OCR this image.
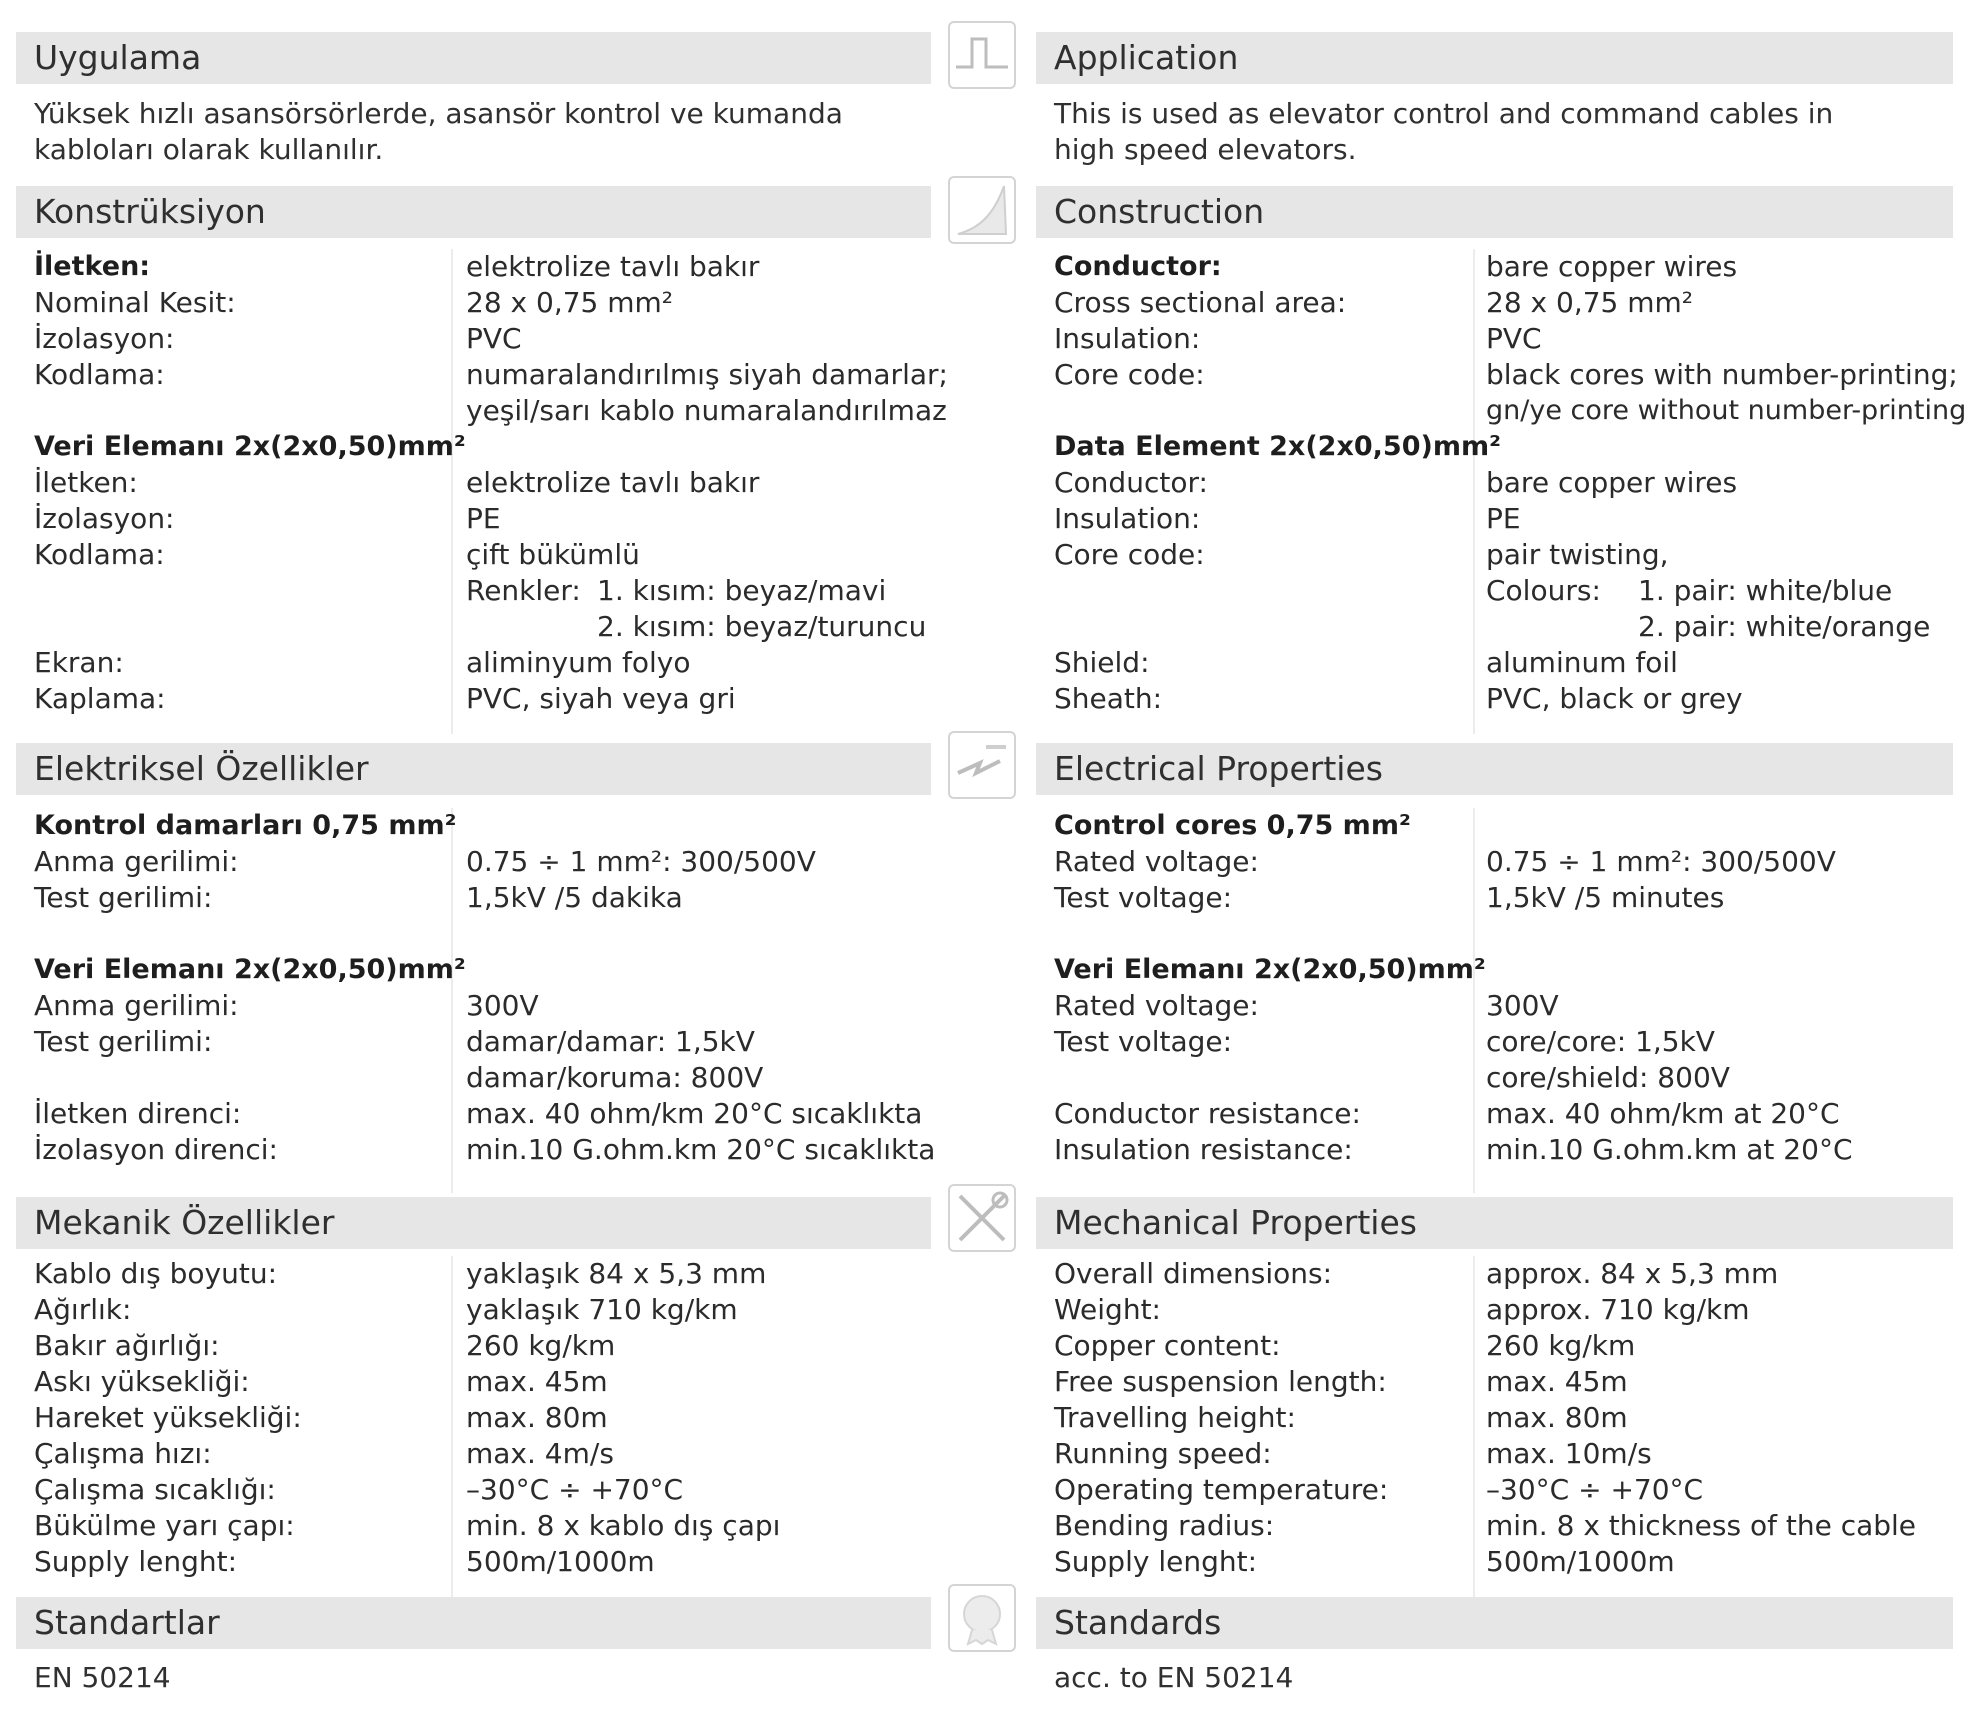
Uygulama
Yüksek hızlı asansörsörlerde, asansör kontrol ve kumanda
kabloları olarak kullanılır.
Konstrüksiyon
İletken:	elektrolize tavlı bakır
Nominal Kesit:	28 x 0,75 mm²
İzolasyon:	PVC
Kodlama:	numaralandırılmış siyah damarlar;
yeşil/sarı kablo numaralandırılmaz
Veri Elemanı 2x(2x0,50)mm²
İletken:	elektrolize tavlı bakır
İzolasyon:	PE
Kodlama:	çift bükümlü
Renkler: 1. kısım: beyaz/mavi
2. kısım: beyaz/turuncu
Ekran:	aliminyum folyo
Kaplama:	PVC, siyah veya gri
Elektriksel Özellikler
Kontrol damarları 0,75 mm²
Anma gerilimi:	0.75 ÷ 1 mm²: 300/500V
Test gerilimi:	1,5kV /5 dakika
Veri Elemanı 2x(2x0,50)mm²
Anma gerilimi:	300V
Test gerilimi:	damar/damar: 1,5kV
damar/koruma: 800V
İletken direnci:	max. 40 ohm/km 20°C sıcaklıkta
İzolasyon direnci:	min.10 G.ohm.km 20°C sıcaklıkta
Mekanik Özellikler
Kablo dış boyutu:	yaklaşık 84 x 5,3 mm
Ağırlık:	yaklaşık 710 kg/km
Bakır ağırlığı:	260 kg/km
Askı yüksekliği:	max. 45m
Hareket yüksekliği:	max. 80m
Çalışma hızı:	max. 4m/s
Çalışma sıcaklığı:	–30°C ÷ +70°C
Bükülme yarı çapı:	min. 8 x kablo dış çapı
Supply lenght:	500m/1000m
Standartlar
EN 50214
Application
This is used as elevator control and command cables in
high speed elevators.
Construction
Conductor:	bare copper wires
Cross sectional area:	28 x 0,75 mm²
Insulation:	PVC
Core code:	black cores with number-printing;
gn/ye core without number-printing
Data Element 2x(2x0,50)mm²
Conductor:	bare copper wires
Insulation:	PE
Core code:	pair twisting,
Colours: 1. pair: white/blue
2. pair: white/orange
Shield:	aluminum foil
Sheath:	PVC, black or grey
Electrical Properties
Control cores 0,75 mm²
Rated voltage:	0.75 ÷ 1 mm²: 300/500V
Test voltage:	1,5kV /5 minutes
Veri Elemanı 2x(2x0,50)mm²
Rated voltage:	300V
Test voltage:	core/core: 1,5kV
core/shield: 800V
Conductor resistance:	max. 40 ohm/km at 20°C
Insulation resistance:	min.10 G.ohm.km at 20°C
Mechanical Properties
Overall dimensions:	approx. 84 x 5,3 mm
Weight:	approx. 710 kg/km
Copper content:	260 kg/km
Free suspension length:	max. 45m
Travelling height:	max. 80m
Running speed:	max. 10m/s
Operating temperature:	–30°C ÷ +70°C
Bending radius:	min. 8 x thickness of the cable
Supply lenght:	500m/1000m
Standards
acc. to EN 50214
